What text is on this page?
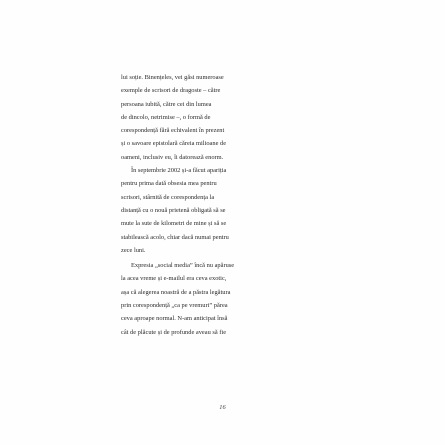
lui soție. Binențeles, vei găsi numeroase
exemple de scrisori de dragoste – către
persoana iubită, către cei din lumea
de dincolo, netrimise –, o formă de
corespondență fără echivalent în prezent
și o savoare epistolară căreia milioane de
oameni, inclusiv eu, îi datorează enorm.
În septembrie 2002 și-a făcut apariția
pentru prima dată obsesia mea pentru
scrisori, stârnită de corespondența la
distanță cu o nouă prietenă obligată să se
mute la sute de kilometri de mine și să se
stabilească acolo, chiar dacă numai pentru
zece luni.
Expresia „social media” încă nu apăruse
la acea vreme și e-mailul era ceva exotic,
așa că alegerea noastră de a păstra legătura
prin corespondență „ca pe vremuri” părea
ceva aproape normal. N-am anticipat însă
cât de plăcute și de profunde aveau să fie
16
